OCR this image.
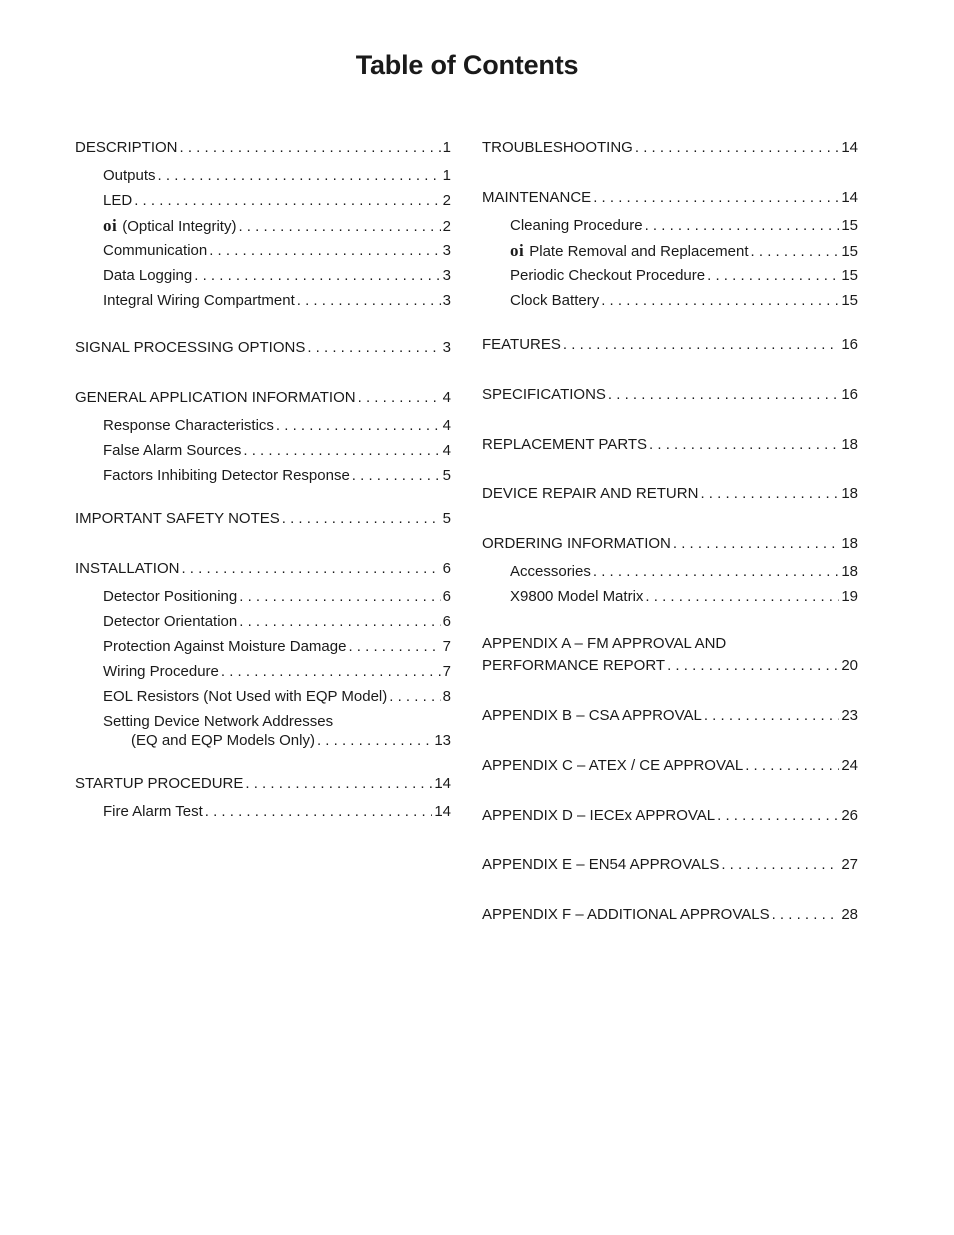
Table of Contents
DESCRIPTION . . .	1
Outputs . . .	1
LED . . .	2
oi (Optical Integrity) . . .	2
Communication . . .	3
Data Logging . . .	3
Integral Wiring Compartment . . .	3
SIGNAL PROCESSING OPTIONS . . .	3
GENERAL APPLICATION INFORMATION . . .	4
Response Characteristics . . .	4
False Alarm Sources . . .	4
Factors Inhibiting Detector Response . . .	5
IMPORTANT SAFETY NOTES . . .	5
INSTALLATION . . .	6
Detector Positioning . . .	6
Detector Orientation . . .	6
Protection Against Moisture Damage . . .	7
Wiring Procedure . . .	7
EOL Resistors (Not Used with EQP Model) . . .	8
Setting Device Network Addresses
(EQ and EQP Models Only) . . .	13
STARTUP PROCEDURE . . .	14
Fire Alarm Test . . .	14
TROUBLESHOOTING . . .	14
MAINTENANCE . . .	14
Cleaning Procedure . . .	15
oi Plate Removal and Replacement . . .	15
Periodic Checkout Procedure . . .	15
Clock Battery . . .	15
FEATURES . . .	16
SPECIFICATIONS . . .	16
REPLACEMENT PARTS . . .	18
DEVICE REPAIR AND RETURN . . .	18
ORDERING INFORMATION . . .	18
Accessories . . .	18
X9800 Model Matrix . . .	19
APPENDIX A – FM APPROVAL AND
PERFORMANCE REPORT . . .	20
APPENDIX B – CSA APPROVAL . . .	23
APPENDIX C – ATEX / CE APPROVAL . . .	24
APPENDIX D – IECEx APPROVAL . . .	26
APPENDIX E – EN54 APPROVALS . . .	27
APPENDIX F – ADDITIONAL APPROVALS . . .	28
